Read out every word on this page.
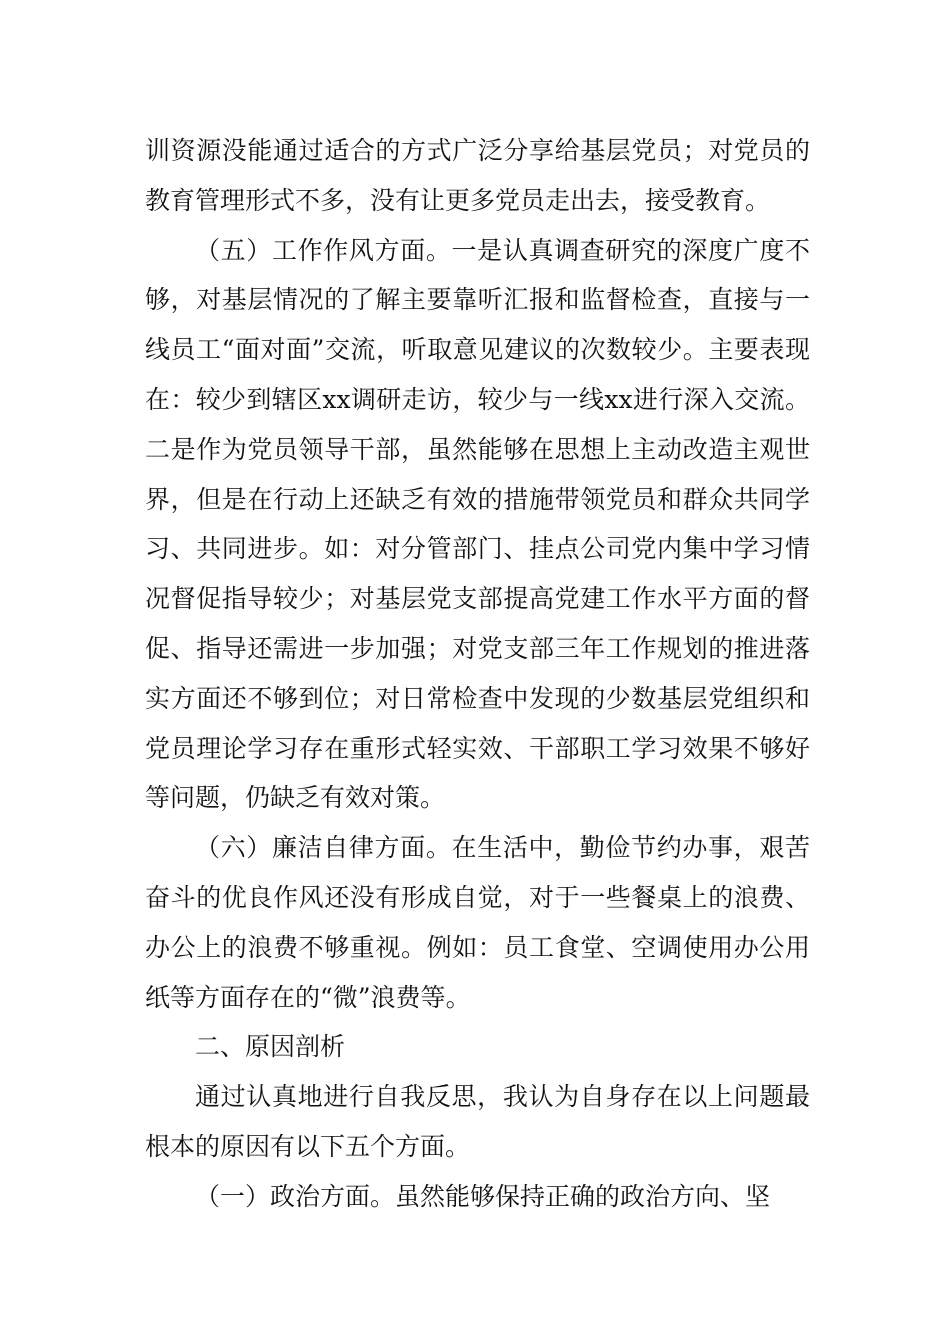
训资源没能通过适合的方式广泛分享给基层党员；对党员的教育管理形式不多，没有让更多党员走出去，接受教育。

（五）工作作风方面。一是认真调查研究的深度广度不够，对基层情况的了解主要靠听汇报和监督检查，直接与一线员工“面对面”交流，听取意见建议的次数较少。主要表现在：较少到辖区xx调研走访，较少与一线xx进行深入交流。二是作为党员领导干部，虽然能够在思想上主动改造主观世界，但是在行动上还缺乏有效的措施带领党员和群众共同学习、共同进步。如：对分管部门、挂点公司党内集中学习情况督促指导较少；对基层党支部提高党建工作水平方面的督促、指导还需进一步加强；对党支部三年工作规划的推进落实方面还不够到位；对日常检查中发现的少数基层党组织和党员理论学习存在重形式轻实效、干部职工学习效果不够好等问题，仍缺乏有效对策。

（六）廉洁自律方面。在生活中，勤俭节约办事，艰苦奋斗的优良作风还没有形成自觉，对于一些餐桌上的浪费、办公上的浪费不够重视。例如：员工食堂、空调使用办公用纸等方面存在的“微”浪费等。

二、原因剖析

通过认真地进行自我反思，我认为自身存在以上问题最根本的原因有以下五个方面。

（一）政治方面。虽然能够保持正确的政治方向、坚
